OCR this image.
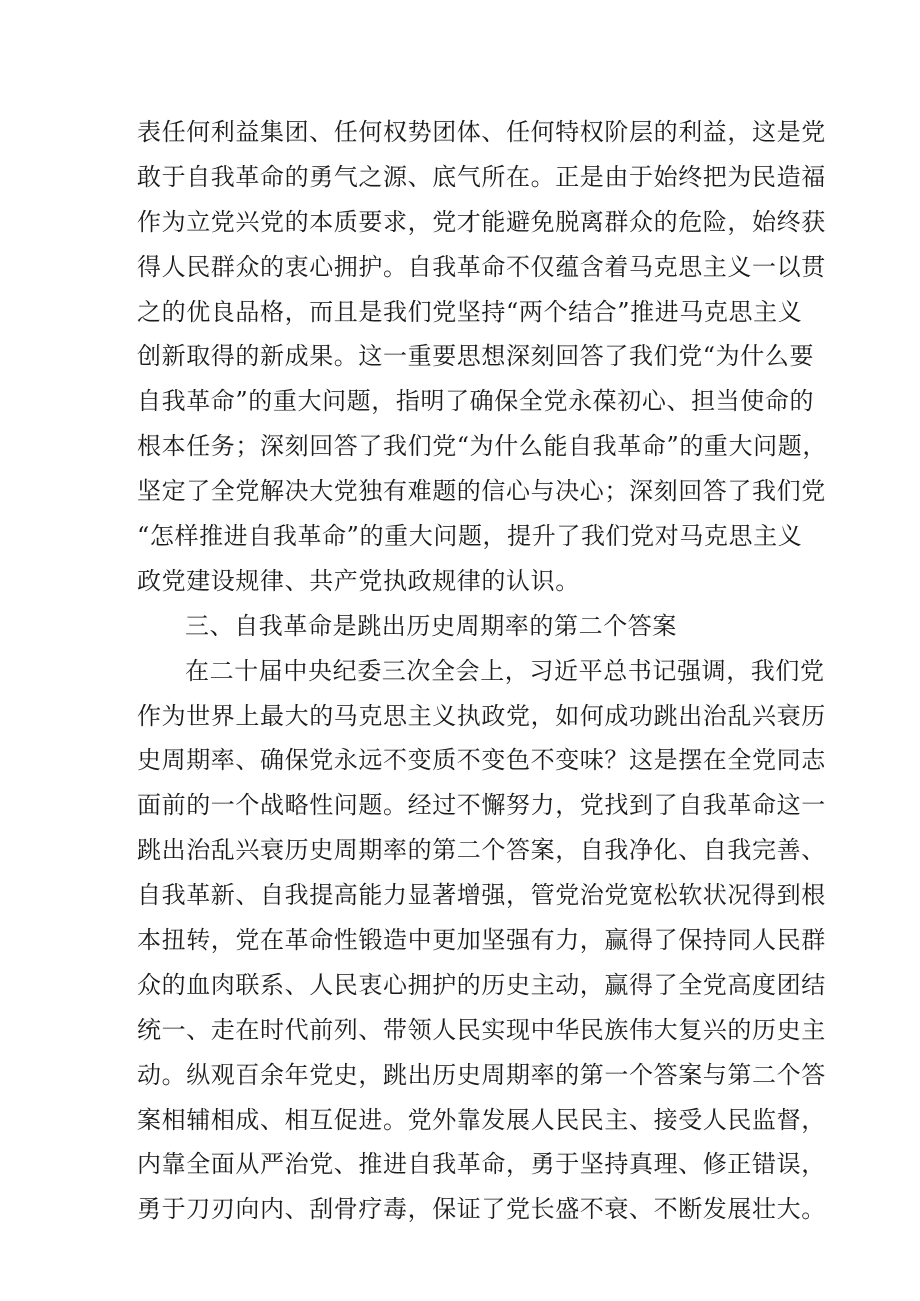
表任何利益集团、任何权势团体、任何特权阶层的利益，这是党
敢于自我革命的勇气之源、底气所在。正是由于始终把为民造福
作为立党兴党的本质要求，党才能避免脱离群众的危险，始终获
得人民群众的衷心拥护。自我革命不仅蕴含着马克思主义一以贯
之的优良品格，而且是我们党坚持“两个结合”推进马克思主义
创新取得的新成果。这一重要思想深刻回答了我们党“为什么要
自我革命”的重大问题，指明了确保全党永葆初心、担当使命的
根本任务；深刻回答了我们党“为什么能自我革命”的重大问题，
坚定了全党解决大党独有难题的信心与决心；深刻回答了我们党
“怎样推进自我革命”的重大问题，提升了我们党对马克思主义
政党建设规律、共产党执政规律的认识。
三、自我革命是跳出历史周期率的第二个答案
在二十届中央纪委三次全会上，习近平总书记强调，我们党
作为世界上最大的马克思主义执政党，如何成功跳出治乱兴衰历
史周期率、确保党永远不变质不变色不变味？这是摆在全党同志
面前的一个战略性问题。经过不懈努力，党找到了自我革命这一
跳出治乱兴衰历史周期率的第二个答案，自我净化、自我完善、
自我革新、自我提高能力显著增强，管党治党宽松软状况得到根
本扭转，党在革命性锻造中更加坚强有力，赢得了保持同人民群
众的血肉联系、人民衷心拥护的历史主动，赢得了全党高度团结
统一、走在时代前列、带领人民实现中华民族伟大复兴的历史主
动。纵观百余年党史，跳出历史周期率的第一个答案与第二个答
案相辅相成、相互促进。党外靠发展人民民主、接受人民监督，
内靠全面从严治党、推进自我革命，勇于坚持真理、修正错误，
勇于刀刃向内、刮骨疗毒，保证了党长盛不衰、不断发展壮大。
